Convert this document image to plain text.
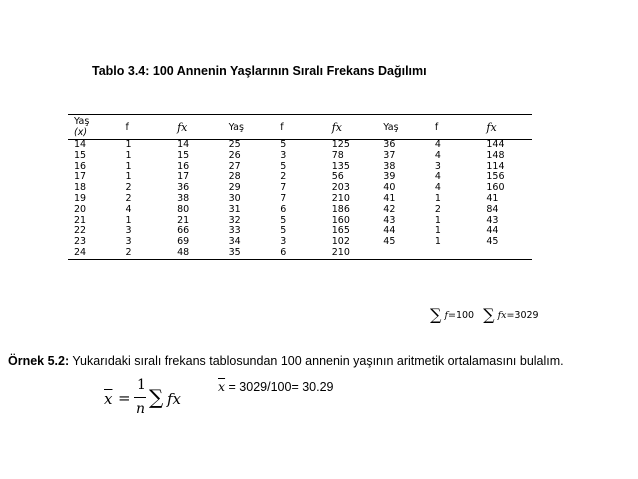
Tablo 3.4: 100 Annenin Yaşlarının Sıralı Frekans Dağılımı
Yaş
(x)	f	fx	Yaş	f	fx	Yaş	f	fx
14	1	14	25	5	125	36	4	144
15	1	15	26	3	78	37	4	148
16	1	16	27	5	135	38	3	114
17	1	17	28	2	56	39	4	156
18	2	36	29	7	203	40	4	160
19	2	38	30	7	210	41	1	41
20	4	80	31	6	186	42	2	84
21	1	21	32	5	160	43	1	43
22	3	66	33	5	165	44	1	44
23	3	69	34	3	102	45	1	45
24	2	48	35	6	210			
∑ f=100 ∑ fx=3029
Örnek 5.2: Yukarıdaki sıralı frekans tablosundan 100 annenin yaşının aritmetik ortalamasını bulalım.
$\overline{x}$ =
1
n ∑ fx
$\overline{x} = 3029/100= 30.29$
